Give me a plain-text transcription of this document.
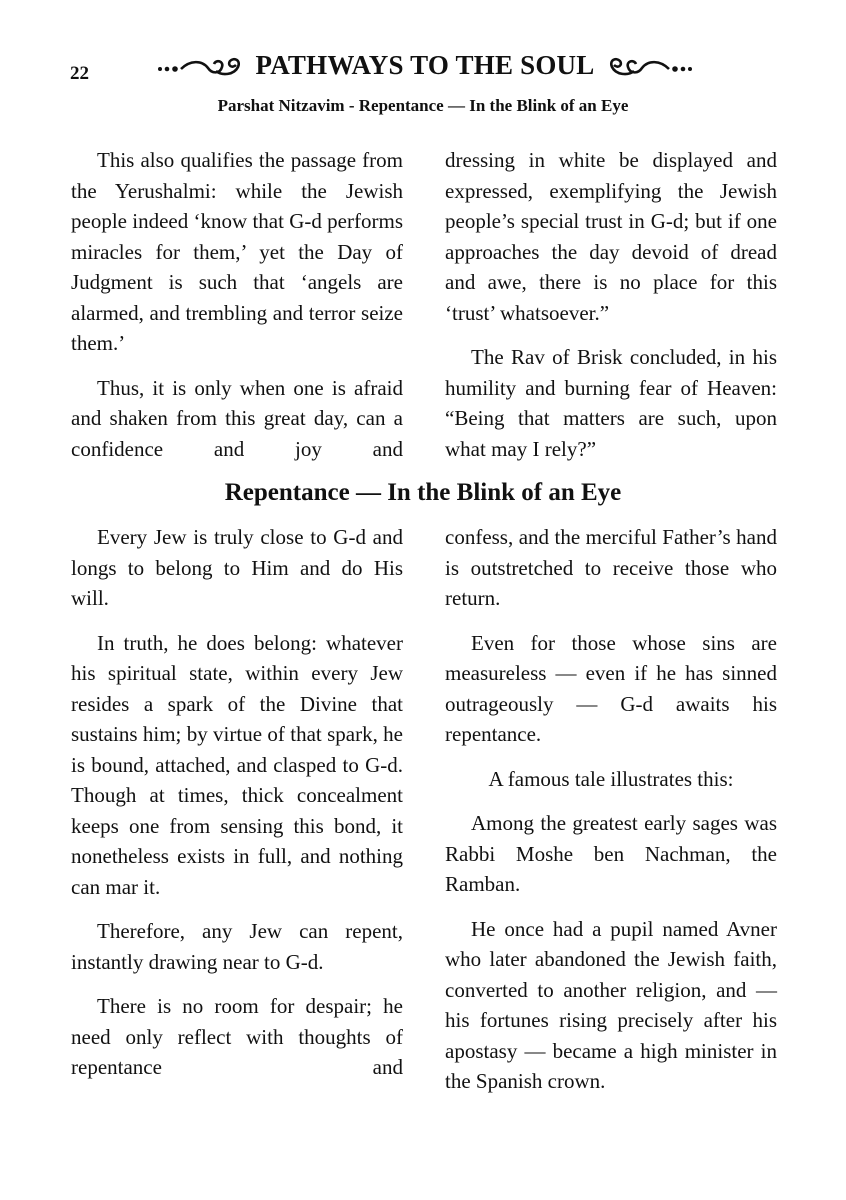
22	PATHWAYS TO THE SOUL
Parshat Nitzavim - Repentance — In the Blink of an Eye

This also qualifies the passage from the Yerushalmi: while the Jewish people indeed ‘know that G-d performs miracles for them,’ yet the Day of Judgment is such that ‘angels are alarmed, and trembling and terror seize them.’

Thus, it is only when one is afraid and shaken from this great day, can a confidence and joy and

dressing in white be displayed and expressed, exemplifying the Jewish people’s special trust in G-d; but if one approaches the day devoid of dread and awe, there is no place for this ‘trust’ whatsoever.”

The Rav of Brisk concluded, in his humility and burning fear of Heaven: “Being that matters are such, upon what may I rely?”

Repentance — In the Blink of an Eye

Every Jew is truly close to G-d and longs to belong to Him and do His will.

In truth, he does belong: whatever his spiritual state, within every Jew resides a spark of the Divine that sustains him; by virtue of that spark, he is bound, attached, and clasped to G-d. Though at times, thick concealment keeps one from sensing this bond, it nonetheless exists in full, and nothing can mar it.

Therefore, any Jew can repent, instantly drawing near to G-d.

There is no room for despair; he need only reflect with thoughts of repentance and

confess, and the merciful Father’s hand is outstretched to receive those who return.

Even for those whose sins are measureless — even if he has sinned outrageously — G-d awaits his repentance.

A famous tale illustrates this:

Among the greatest early sages was Rabbi Moshe ben Nachman, the Ramban.

He once had a pupil named Avner who later abandoned the Jewish faith, converted to another religion, and — his fortunes rising precisely after his apostasy — became a high minister in the Spanish crown.
